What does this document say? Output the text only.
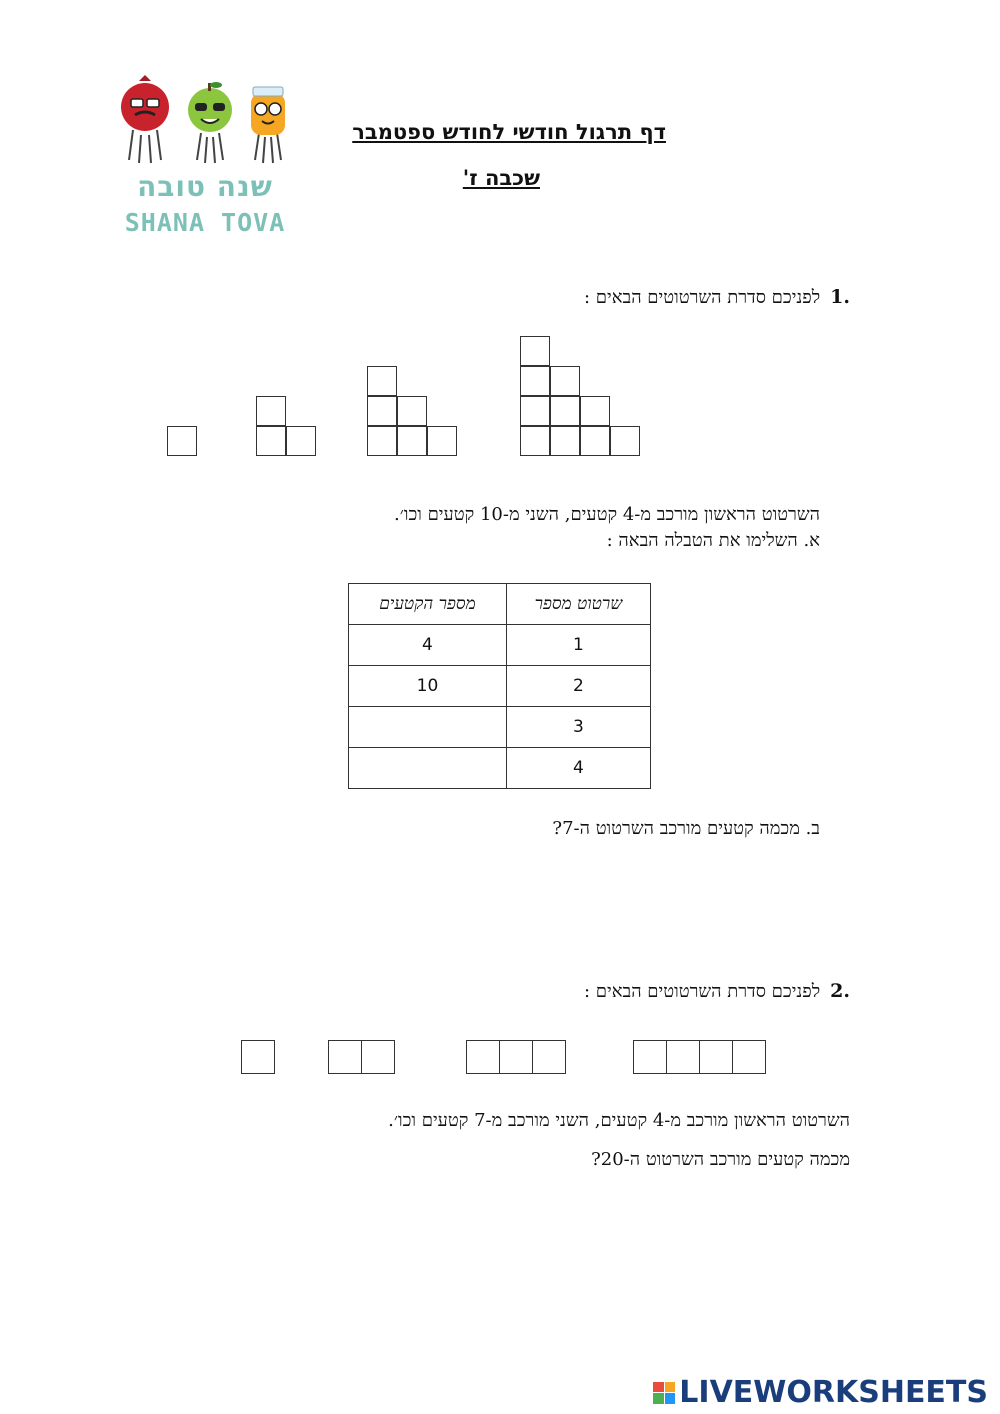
שנה טובה
SHANA TOVA
דף תרגול חודשי לחודש ספטמבר
שכבה ז'
.1לפניכם סדרת השרטוטים הבאים :
השרטוט הראשון מורכב מ-4 קטעים, השני מ-10 קטעים וכו׳.
א. השלימו את הטבלה הבאה :
מספר הקטעים	שרטוט מספר
4	1
10	2
	3
	4
ב. מכמה קטעים מורכב השרטוט ה-7?
.2לפניכם סדרת השרטוטים הבאים :
השרטוט הראשון מורכב מ-4 קטעים, השני מורכב מ-7 קטעים וכו׳.
מכמה קטעים מורכב השרטוט ה-20?
LIVEWORKSHEETS
